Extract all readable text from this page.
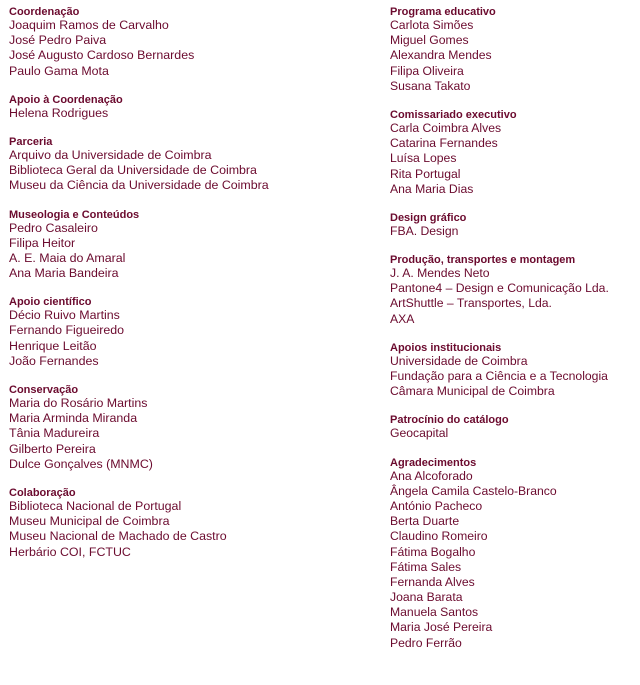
Coordenação
Joaquim Ramos de Carvalho
José Pedro Paiva
José Augusto Cardoso Bernardes
Paulo Gama Mota
Apoio à Coordenação
Helena Rodrigues
Parceria
Arquivo da Universidade de Coimbra
Biblioteca Geral da Universidade de Coimbra
Museu da Ciência da Universidade de Coimbra
Museologia e Conteúdos
Pedro Casaleiro
Filipa Heitor
A. E. Maia do Amaral
Ana Maria Bandeira
Apoio científico
Décio Ruivo Martins
Fernando Figueiredo
Henrique Leitão
João Fernandes
Conservação
Maria do Rosário Martins
Maria Arminda Miranda
Tânia Madureira
Gilberto Pereira
Dulce Gonçalves (MNMC)
Colaboração
Biblioteca Nacional de Portugal
Museu Municipal de Coimbra
Museu Nacional de Machado de Castro
Herbário COI, FCTUC
Programa educativo
Carlota Simões
Miguel Gomes
Alexandra Mendes
Filipa Oliveira
Susana Takato
Comissariado executivo
Carla Coimbra Alves
Catarina Fernandes
Luísa Lopes
Rita Portugal
Ana Maria Dias
Design gráfico
FBA. Design
Produção, transportes e montagem
J. A. Mendes Neto
Pantone4 – Design e Comunicação Lda.
ArtShuttle – Transportes, Lda.
AXA
Apoios institucionais
Universidade de Coimbra
Fundação para a Ciência e a Tecnologia
Câmara Municipal de Coimbra
Patrocínio do catálogo
Geocapital
Agradecimentos
Ana Alcoforado
Ângela Camila Castelo-Branco
António Pacheco
Berta Duarte
Claudino Romeiro
Fátima Bogalho
Fátima Sales
Fernanda Alves
Joana Barata
Manuela Santos
Maria José Pereira
Pedro Ferrão
